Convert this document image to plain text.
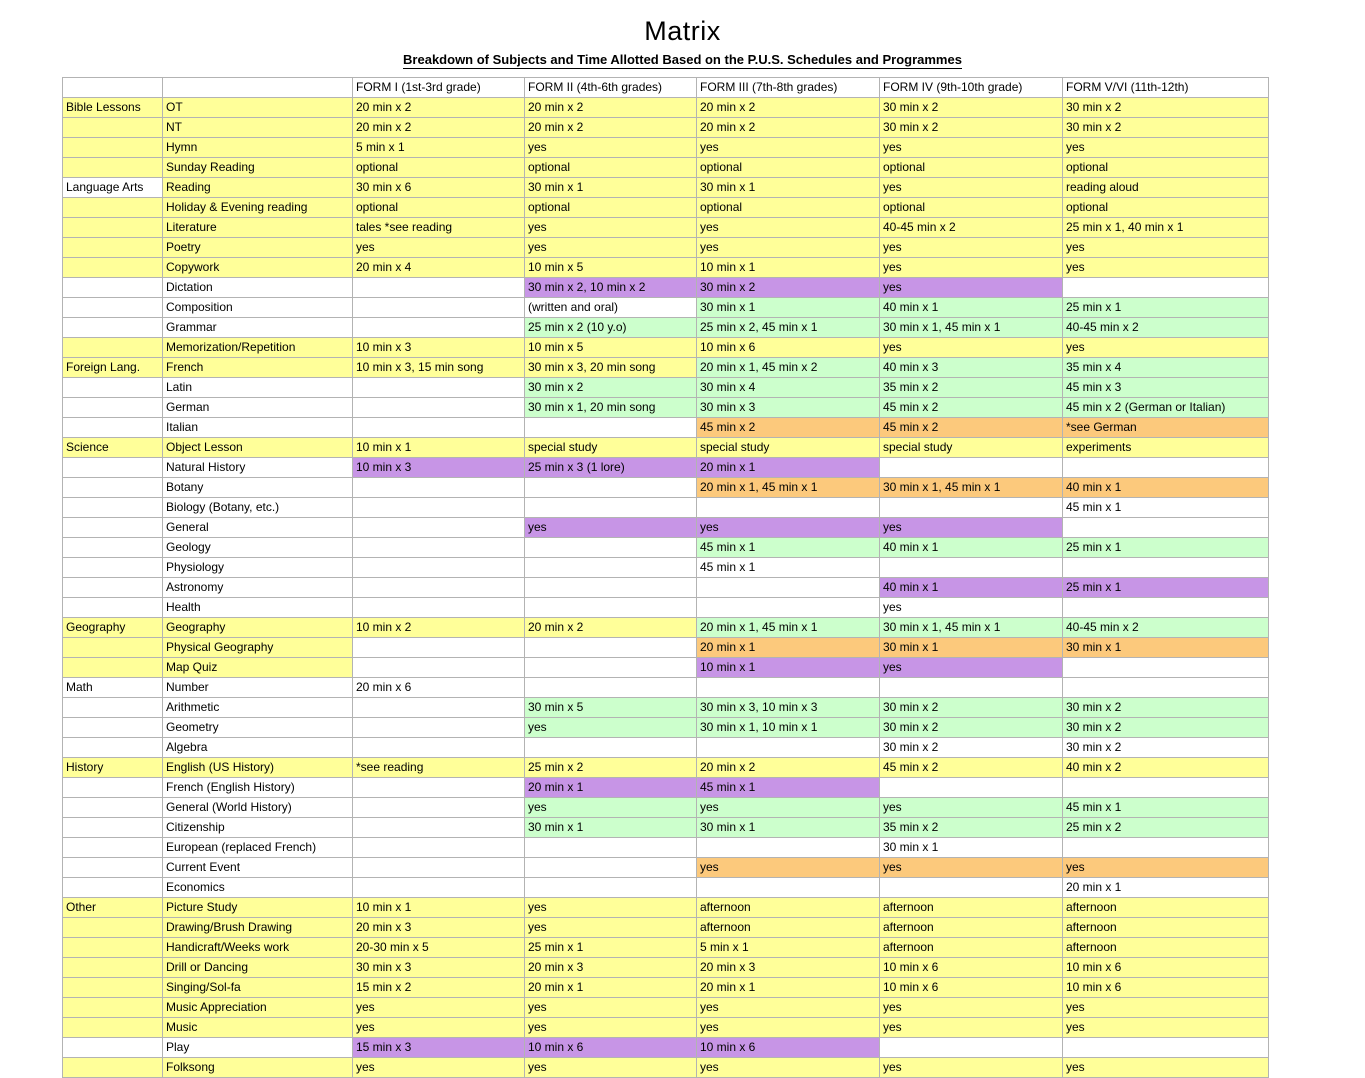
Matrix
Breakdown of Subjects and Time Allotted Based on the P.U.S. Schedules and Programmes
		FORM I (1st-3rd grade)	FORM II (4th-6th grades)	FORM III (7th-8th grades)	FORM IV (9th-10th grade)	FORM V/VI (11th-12th)
Bible Lessons	OT	20 min x 2	20 min x 2	20 min x 2	30 min x 2	30 min x 2
	NT	20 min x 2	20 min x 2	20 min x 2	30 min x 2	30 min x 2
	Hymn	5 min x 1	yes	yes	yes	yes
	Sunday Reading	optional	optional	optional	optional	optional
Language Arts	Reading	30 min x 6	30 min x 1	30 min x 1	yes	reading aloud
	Holiday & Evening reading	optional	optional	optional	optional	optional
	Literature	tales *see reading	yes	yes	40-45 min x 2	25 min x 1, 40 min x 1
	Poetry	yes	yes	yes	yes	yes
	Copywork	20 min x 4	10 min x 5	10 min x 1	yes	yes
	Dictation		30 min x 2, 10 min x 2	30 min x 2	yes	
	Composition		(written and oral)	30 min x 1	40 min x 1	25 min x 1
	Grammar		25 min x 2 (10 y.o)	25 min x 2, 45 min x 1	30 min x 1, 45 min x 1	40-45 min x 2
	Memorization/Repetition	10 min x 3	10 min x 5	10 min x 6	yes	yes
Foreign Lang.	French	10 min x 3, 15 min song	30 min x 3, 20 min song	20 min x 1, 45 min x 2	40 min x 3	35 min x 4
	Latin		30 min x 2	30 min x 4	35 min x 2	45 min x 3
	German		30 min x 1, 20 min song	30 min x 3	45 min x 2	45 min x 2 (German or Italian)
	Italian			45 min x 2	45 min x 2	*see German
Science	Object Lesson	10 min x 1	special study	special study	special study	experiments
	Natural History	10 min x 3	25 min x 3 (1 lore)	20 min x 1		
	Botany			20 min x 1, 45 min x 1	30 min x 1, 45 min x 1	40 min x 1
	Biology (Botany, etc.)					45 min x 1
	General		yes	yes	yes	
	Geology			45 min x 1	40 min x 1	25 min x 1
	Physiology			45 min x 1		
	Astronomy				40 min x 1	25 min x 1
	Health				yes	
Geography	Geography	10 min x 2	20 min x 2	20 min x 1, 45 min x 1	30 min x 1, 45 min x 1	40-45 min x 2
	Physical Geography			20 min x 1	30 min x 1	30 min x 1
	Map Quiz			10 min x 1	yes	
Math	Number	20 min x 6				
	Arithmetic		30 min x 5	30 min x 3, 10 min x 3	30 min x 2	30 min x 2
	Geometry		yes	30 min x 1, 10 min x 1	30 min x 2	30 min x 2
	Algebra				30 min x 2	30 min x 2
History	English (US History)	*see reading	25 min x 2	20 min x 2	45 min x 2	40 min x 2
	French (English History)		20 min x 1	45 min x 1		
	General (World History)		yes	yes	yes	45 min x 1
	Citizenship		30 min x 1	30 min x 1	35 min x 2	25 min x 2
	European (replaced French)				30 min x 1	
	Current Event			yes	yes	yes
	Economics					20 min x 1
Other	Picture Study	10 min x 1	yes	afternoon	afternoon	afternoon
	Drawing/Brush Drawing	20 min x 3	yes	afternoon	afternoon	afternoon
	Handicraft/Weeks work	20-30 min x 5	25 min x 1	5 min x 1	afternoon	afternoon
	Drill or Dancing	30 min x 3	20 min x 3	20 min x 3	10 min x 6	10 min x 6
	Singing/Sol-fa	15 min x 2	20 min x 1	20 min x 1	10 min x 6	10 min x 6
	Music Appreciation	yes	yes	yes	yes	yes
	Music	yes	yes	yes	yes	yes
	Play	15 min x 3	10 min x 6	10 min x 6		
	Folksong	yes	yes	yes	yes	yes
